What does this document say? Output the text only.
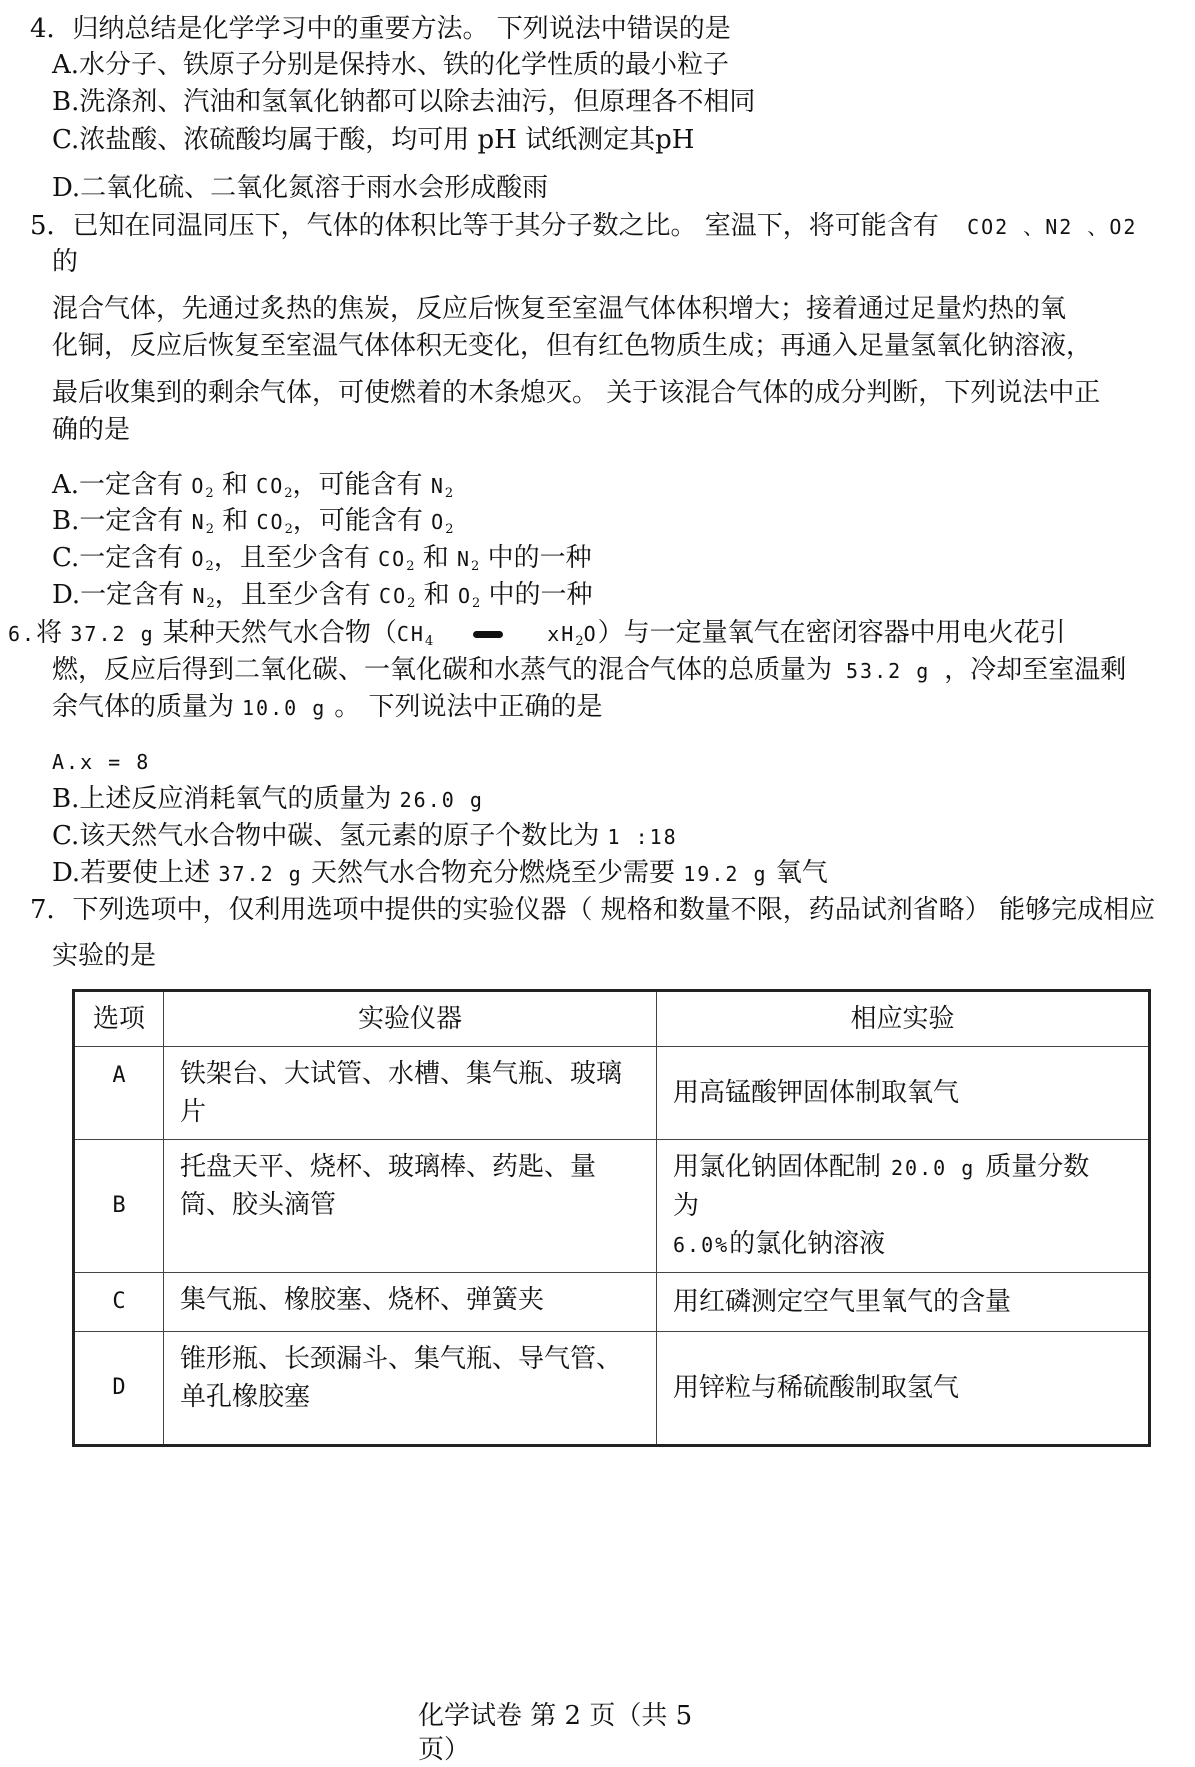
4．归纳总结是化学学习中的重要方法。 下列说法中错误的是
A.水分子、铁原子分别是保持水、铁的化学性质的最小粒子
B.洗涤剂、汽油和氢氧化钠都可以除去油污，但原理各不相同
C.浓盐酸、浓硫酸均属于酸，均可用 pH 试纸测定其pH
D.二氧化硫、二氧化氮溶于雨水会形成酸雨
5．已知在同温同压下，气体的体积比等于其分子数之比。 室温下，将可能含有 CO2 、N2 、O2
的
混合气体，先通过炙热的焦炭，反应后恢复至室温气体体积增大；接着通过足量灼热的氧
化铜，反应后恢复至室温气体体积无变化，但有红色物质生成；再通入足量氢氧化钠溶液，
最后收集到的剩余气体，可使燃着的木条熄灭。 关于该混合气体的成分判断，下列说法中正
确的是
A.一定含有 $O_2$ 和 $CO_2$，可能含有 $N_2$
B.一定含有 $N_2$ 和 $CO_2$，可能含有 $O_2$
C.一定含有 $O_2$，且至少含有 $CO_2$ 和 $N_2$ 中的一种
D.一定含有 $N_2$，且至少含有 $CO_2$ 和 $O_2$ 中的一种
6.将 37.2 g 某种天然气水合物（$CH_4$	$xH_2O$）与一定量氧气在密闭容器中用电火花引
燃，反应后得到二氧化碳、一氧化碳和水蒸气的混合气体的总质量为 53.2 g ，冷却至室温剩
余气体的质量为 10.0 g 。 下列说法中正确的是
A.x = 8
B.上述反应消耗氧气的质量为 26.0 g
C.该天然气水合物中碳、氢元素的原子个数比为 1 :18
D.若要使上述 37.2 g 天然气水合物充分燃烧至少需要 19.2 g 氧气
7．下列选项中，仅利用选项中提供的实验仪器（ 规格和数量不限，药品试剂省略） 能够完成相应
实验的是
选项	实验仪器	相应实验
A	铁架台、大试管、水槽、集气瓶、玻璃片	用高锰酸钾固体制取氧气
B	托盘天平、烧杯、玻璃棒、药匙、量筒、胶头滴管	用氯化钠固体配制 20.0 g 质量分数
为
6.0%的氯化钠溶液

C	集气瓶、橡胶塞、烧杯、弹簧夹	用红磷测定空气里氧气的含量
D	锥形瓶、长颈漏斗、集气瓶、导气管、单孔橡胶塞	用锌粒与稀硫酸制取氢气
化学试卷 第 2 页（共 5
页）
